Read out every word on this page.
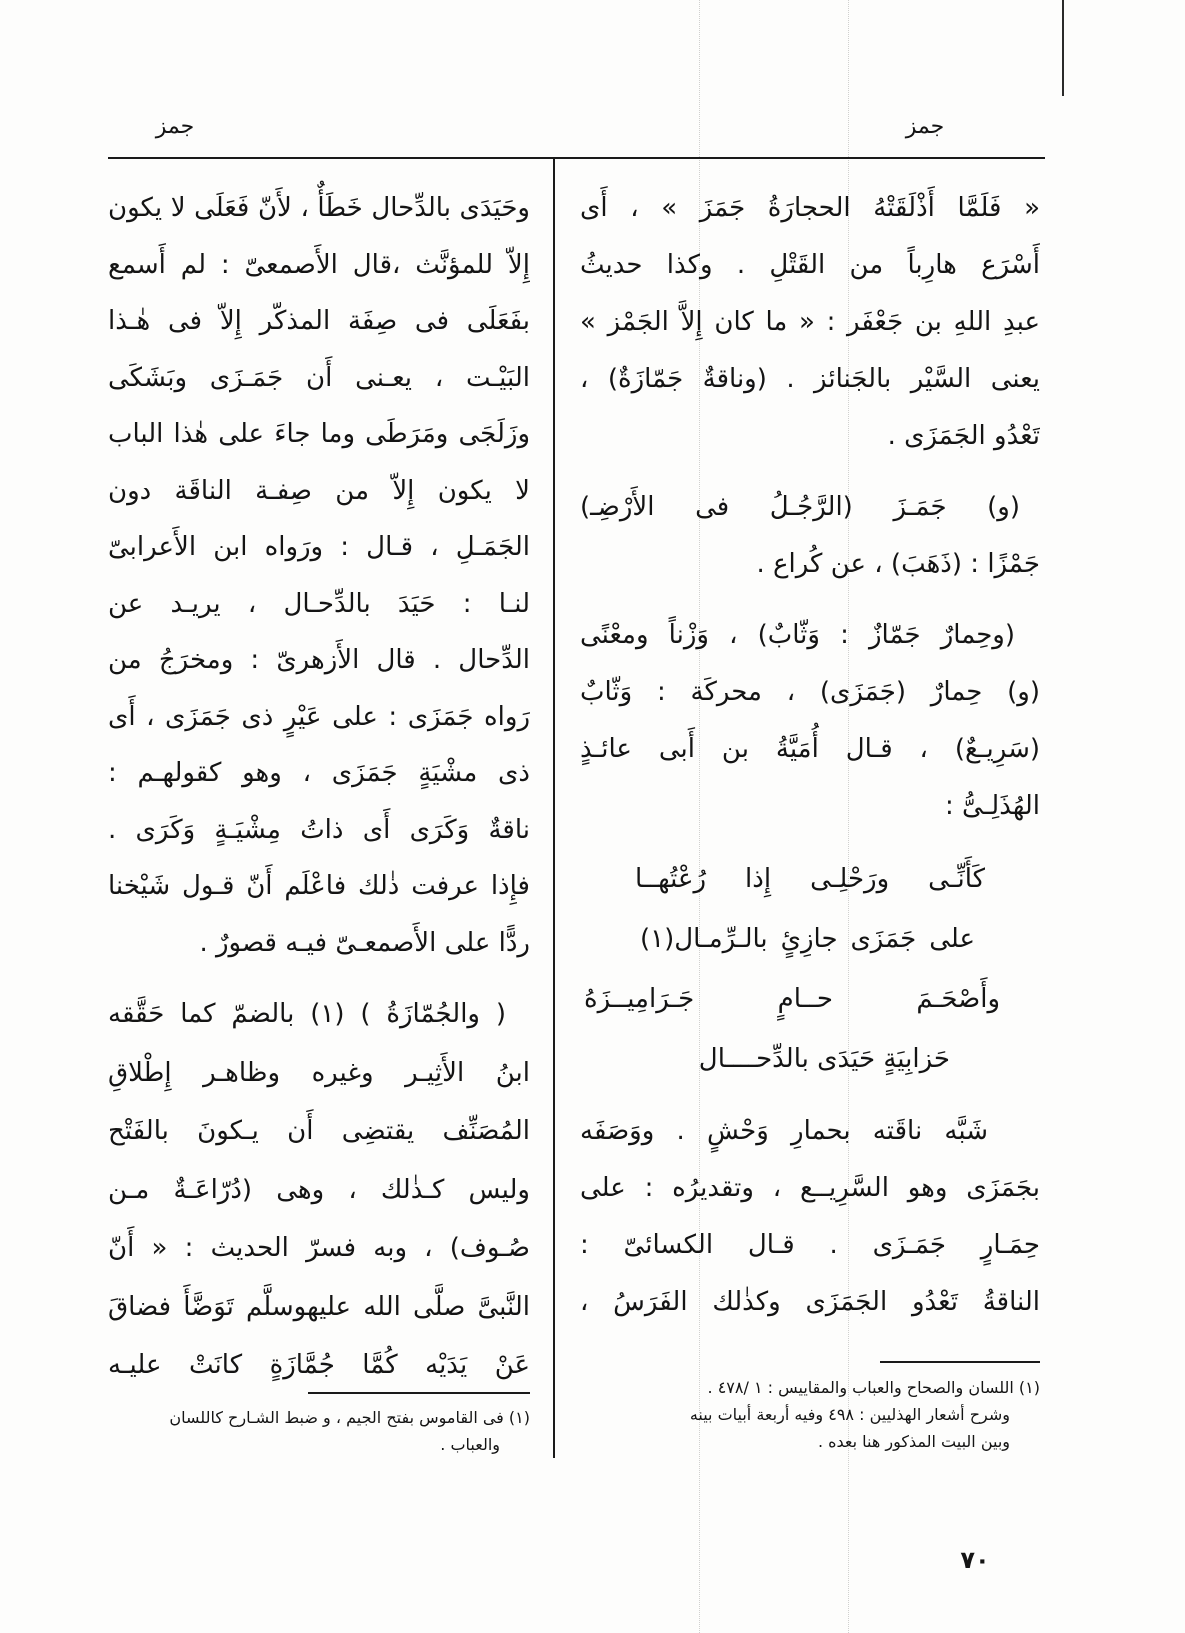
جمز
جمز
« فَلَمَّا أَذْلَقَتْهُ الحجارَةُ جَمَزَ » ، أَى
أَسْرَع هارِباً من القَتْلِ . وكذا حديثُ
عبدِ اللهِ بن جَعْفَر : « ما كان إِلاَّ الجَمْز »
يعنى السَّيْر بالجَنائز . (وناقةٌ جَمّازَةٌ) ،
تَعْدُو الجَمَزَى .
(و) جَمَـزَ (الرَّجُـلُ فى الأَرْضِـ)
جَمْزًا : (ذَهَبَ) ، عن كُراع .
(وحِمارٌ جَمّازٌ : وَثّابٌ) ، وَزْناً ومعْنًى
(و) حِمارٌ (جَمَزَى) ، محركَة : وَثّابٌ
(سَرِيـعٌ) ، قـال أُمَيَّةُ بن أَبى عائـذٍ
الهُذَلِـىُّ :
كَأَنِّـى ورَحْلِـى إِذا رُعْتُهــا
على جَمَزَى جازِئٍ بالـرِّمـال(١)
وأَصْحَـمَ حــامٍ جَـرَامِيــزَهُ
حَزابِيَةٍ حَيَدَى بالدِّحــــال
شَبَّه ناقَته بحمارِ وَحْشٍ . ووَصَفَه
بجَمَزَى وهو السَّرِيــع ، وتقديرُه : على
حِمَـارٍ جَمَـزَى . قـال الكسائىّ :
الناقةُ تَعْدُو الجَمَزَى وكذٰلك الفَرَسُ ،
وحَيَدَى بالدِّحال خَطَأٌ ، لأَنّ فَعَلَى لا يكون
إِلاّ للمؤنَّث ،قال الأَصمعىّ : لم أَسمع
بفَعَلَى فى صِفَة المذكّر إِلاّ فى هٰـذا
البَيْـت ، يعـنى أَن جَمَـزَى وبَشَكَى
وزَلَجَى ومَرَطَى وما جاءَ على هٰذا الباب
لا يكون إِلاّ من صِفـة الناقَة دون
الجَمَـلِ ، قـال : ورَواه ابن الأَعرابىّ
لنـا : حَيَدَ بالدِّحـال ، يريـد عن
الدِّحال . قال الأَزهرىّ : ومخرَجُ من
رَواه جَمَزَى : على عَيْرٍ ذى جَمَزَى ، أَى
ذى مشْيَةٍ جَمَزَى ، وهو كقولهـم :
ناقةٌ وَكَرَى أَى ذاتُ مِشْيَـةٍ وَكَرَى .
فإِذا عرفت ذٰلك فاعْلَم أَنّ قـول شَيْخنا
ردًّا على الأَصمعـىّ فيـه قصورٌ .
( والجُمّازَةُ ) (١) بالضمّ كما حَقَّقه
ابنُ الأَثِيـر وغيره وظاهـر إِطْلاقِ
المُصَنِّف يقتضِى أَن يـكونَ بالفَتْح
وليس كـذٰلك ، وهى (دُرّاعَـةٌ مـن
صُـوف) ، وبه فسرّ الحديث : « أَنّ
النَّبىَّ صلَّى الله عليهوسلَّم تَوَضَّأَ فضاقَ
عَنْ يَدَيْه كُمَّا جُمَّازَةٍ كانَتْ عليـه
(١) اللسان والصحاح والعباب والمقاييس : ١ /٤٧٨ .
وشرح أشعار الهذليين : ٤٩٨ وفيه أربعة أبيات بينه
وبين البيت المذكور هنا بعده .
(١) فى القاموس بفتح الجيم ، و ضبط الشـارح كاللسان
والعباب .
٧٠
